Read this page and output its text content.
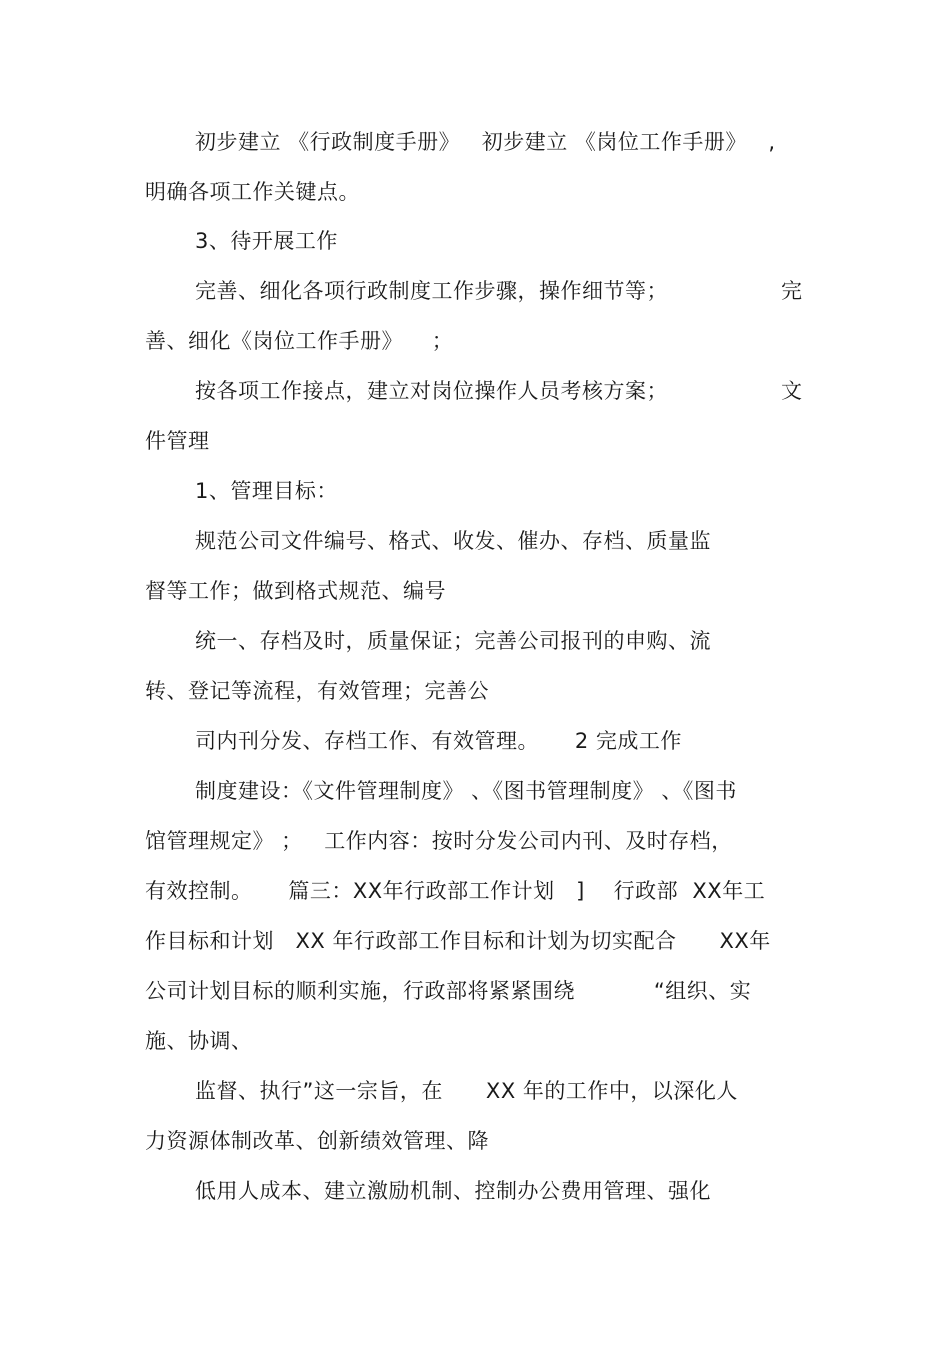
初步建立 《行政制度手册》   初步建立 《岗位工作手册》   ,
明确各项工作关键点。
3、待开展工作
完善、细化各项行政制度工作步骤，操作细节等；	完
善、细化《岗位工作手册》    ；
按各项工作接点，建立对岗位操作人员考核方案；	文
件管理
1、管理目标：
规范公司文件编号、格式、收发、催办、存档、质量监
督等工作；做到格式规范、编号
统一、存档及时，质量保证；完善公司报刊的申购、流
转、登记等流程，有效管理；完善公
司内刊分发、存档工作、有效管理。     2 完成工作
制度建设：《文件管理制度》 、《图书管理制度》 、《图书
馆管理规定》 ；   工作内容：按时分发公司内刊、及时存档，
有效控制。     篇三：XX年行政部工作计划   ]    行政部  XX年工
作目标和计划   XX 年行政部工作目标和计划为切实配合      XX年
公司计划目标的顺利实施，行政部将紧紧围绕           “组织、实
施、协调、
监督、执行”这一宗旨，在      XX 年的工作中，以深化人
力资源体制改革、创新绩效管理、降
低用人成本、建立激励机制、控制办公费用管理、强化
